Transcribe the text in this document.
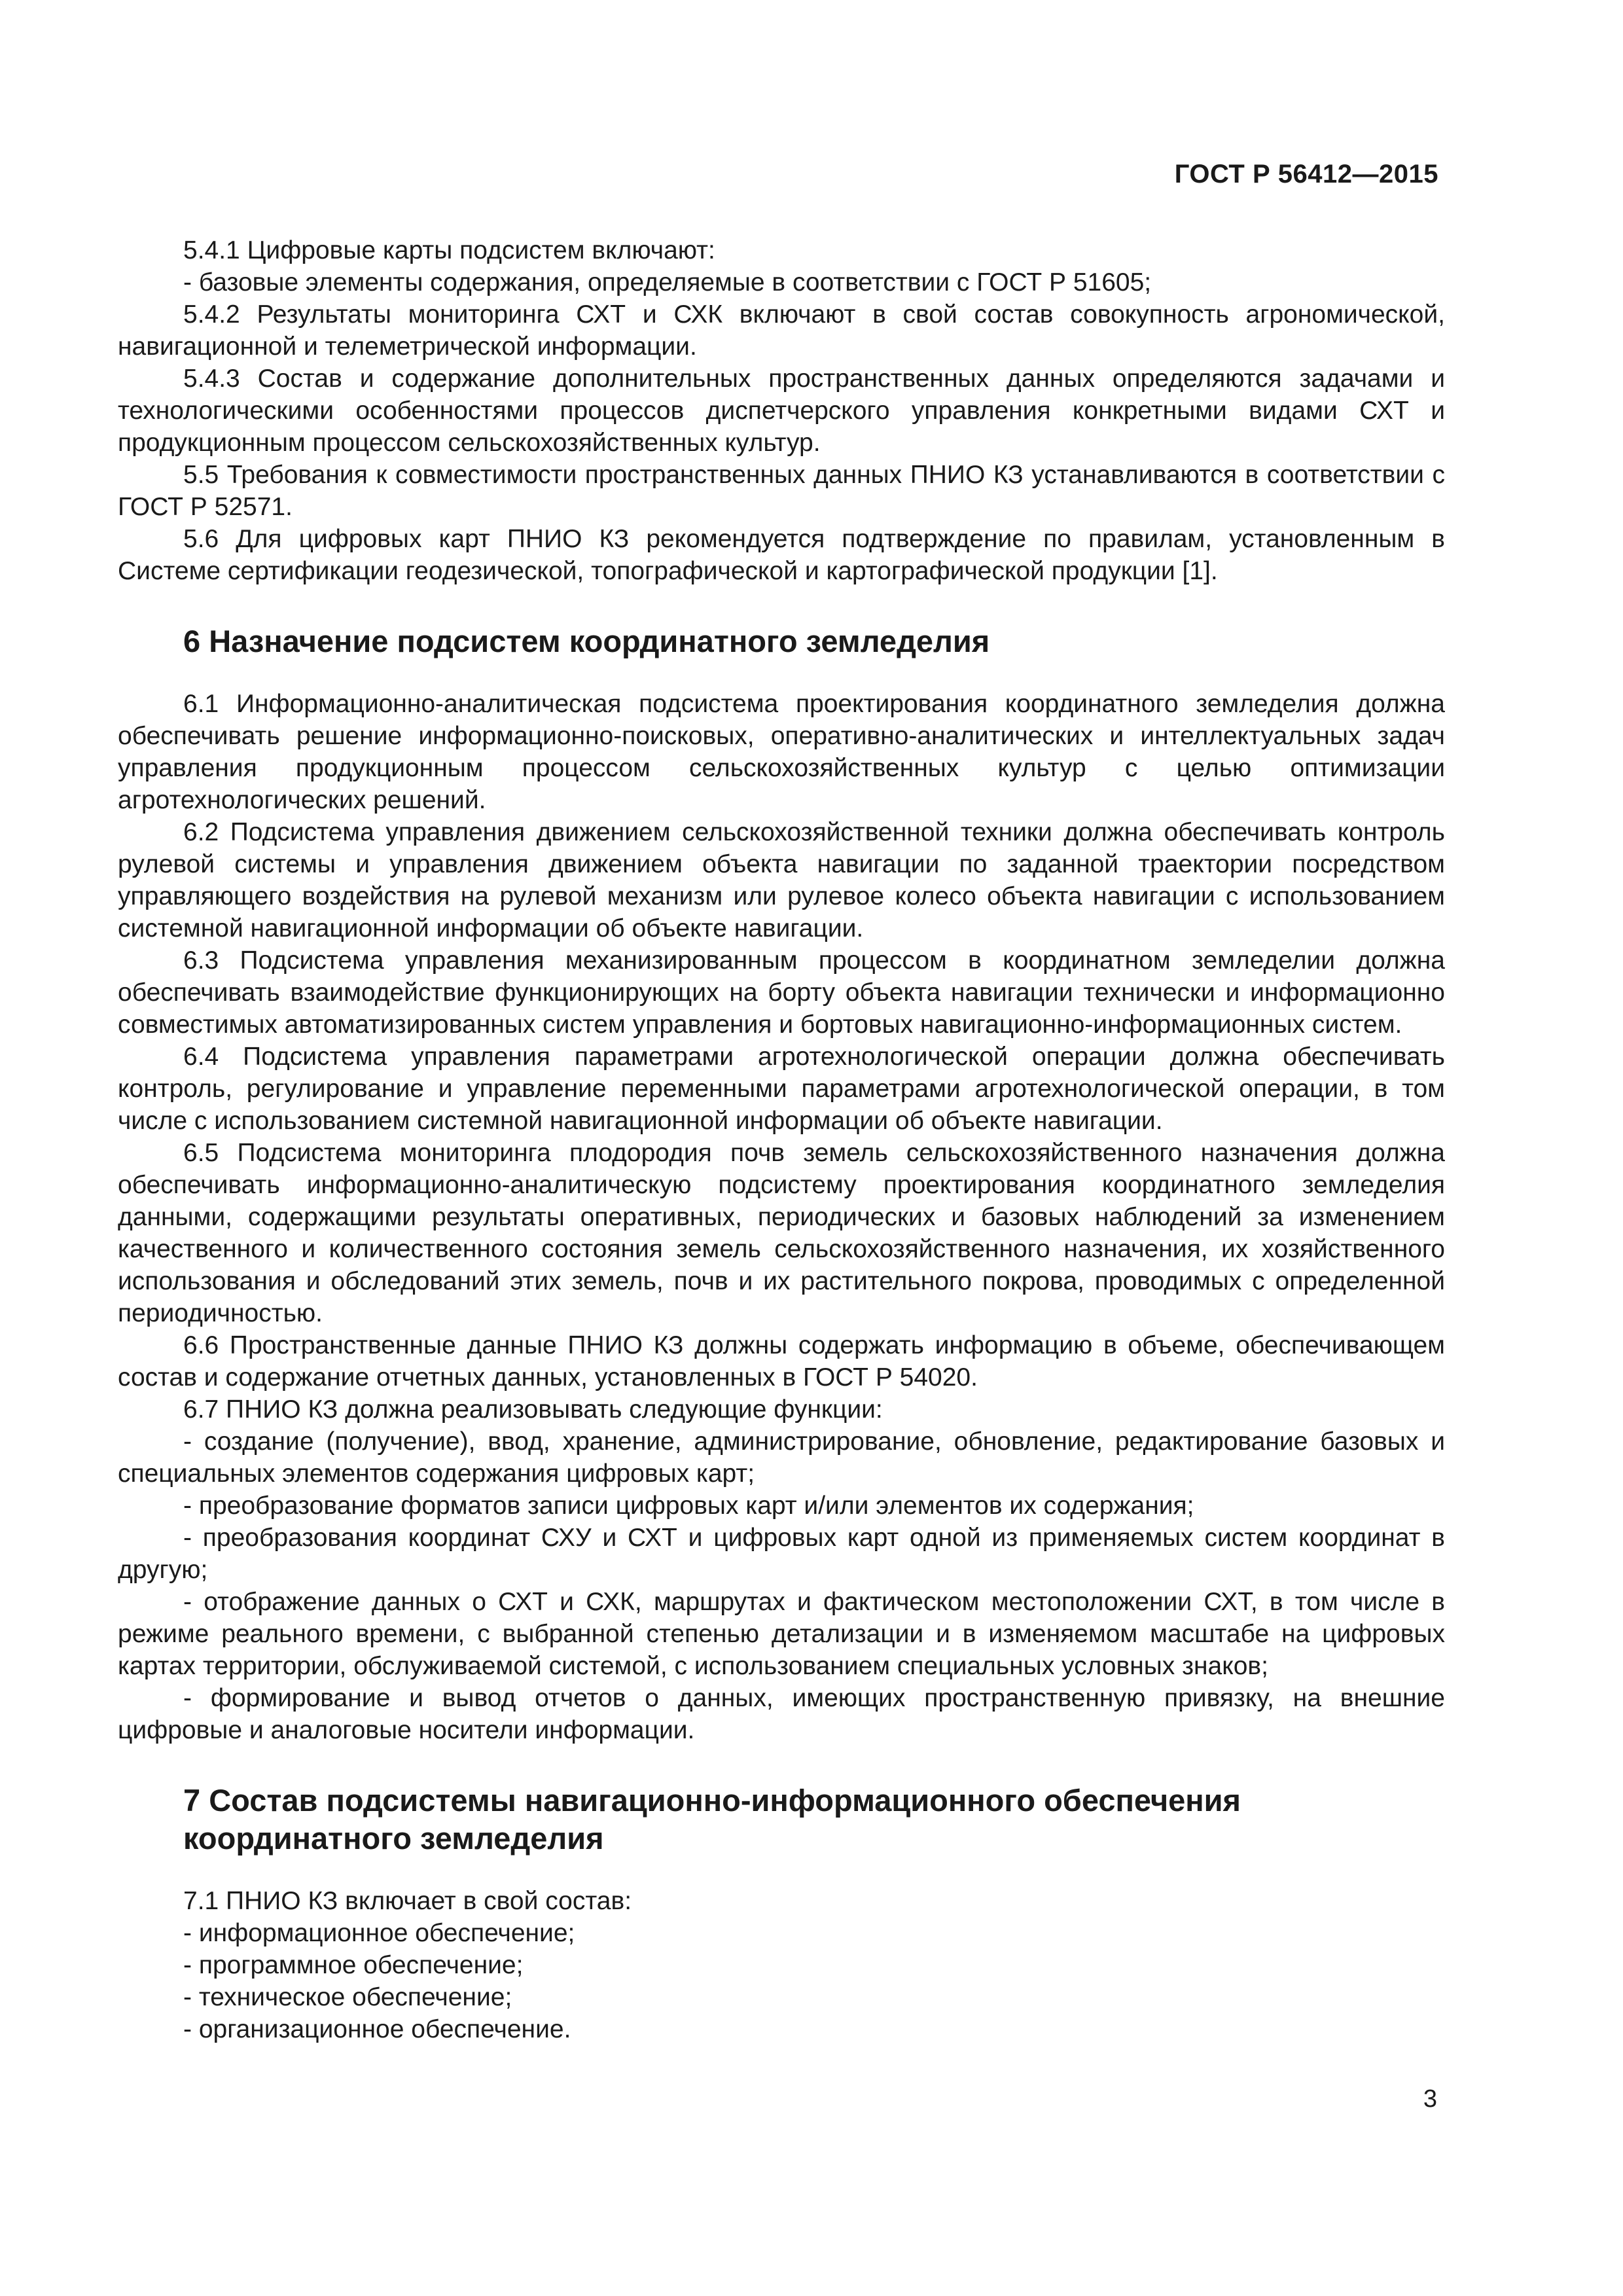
ГОСТ Р 56412—2015

5.4.1 Цифровые карты подсистем включают:

- базовые элементы содержания, определяемые в соответствии с ГОСТ Р 51605;

5.4.2 Результаты мониторинга СХТ и СХК включают в свой состав совокупность агрономической, навигационной и телеметрической информации.

5.4.3 Состав и содержание дополнительных пространственных данных определяются задачами и технологическими особенностями процессов диспетчерского управления конкретными видами СХТ и продукционным процессом сельскохозяйственных культур.

5.5 Требования к совместимости пространственных данных ПНИО КЗ устанавливаются в соответствии с ГОСТ Р 52571.

5.6 Для цифровых карт ПНИО КЗ рекомендуется подтверждение по правилам, установленным в Системе сертификации геодезической, топографической и картографической продукции [1].

6 Назначение подсистем координатного земледелия

6.1 Информационно-аналитическая подсистема проектирования координатного земледелия должна обеспечивать решение информационно-поисковых, оперативно-аналитических и интеллектуальных задач управления продукционным процессом сельскохозяйственных культур с целью оптимизации агротехнологических решений.

6.2 Подсистема управления движением сельскохозяйственной техники должна обеспечивать контроль рулевой системы и управления движением объекта навигации по заданной траектории посредством управляющего воздействия на рулевой механизм или рулевое колесо объекта навигации с использованием системной навигационной информации об объекте навигации.

6.3 Подсистема управления механизированным процессом в координатном земледелии должна обеспечивать взаимодействие функционирующих на борту объекта навигации технически и информационно совместимых автоматизированных систем управления и бортовых навигационно-информационных систем.

6.4 Подсистема управления параметрами агротехнологической операции должна обеспечивать контроль, регулирование и управление переменными параметрами агротехнологической операции, в том числе с использованием системной навигационной информации об объекте навигации.

6.5 Подсистема мониторинга плодородия почв земель сельскохозяйственного назначения должна обеспечивать информационно-аналитическую подсистему проектирования координатного земледелия данными, содержащими результаты оперативных, периодических и базовых наблюдений за изменением качественного и количественного состояния земель сельскохозяйственного назначения, их хозяйственного использования и обследований этих земель, почв и их растительного покрова, проводимых с определенной периодичностью.

6.6 Пространственные данные ПНИО КЗ должны содержать информацию в объеме, обеспечивающем состав и содержание отчетных данных, установленных в ГОСТ Р 54020.

6.7 ПНИО КЗ должна реализовывать следующие функции:

- создание (получение), ввод, хранение, администрирование, обновление, редактирование базовых и специальных элементов содержания цифровых карт;

- преобразование форматов записи цифровых карт и/или элементов их содержания;

- преобразования координат СХУ и СХТ и цифровых карт одной из применяемых систем координат в другую;

- отображение данных о СХТ и СХК, маршрутах и фактическом местоположении СХТ, в том числе в режиме реального времени, с выбранной степенью детализации и в изменяемом масштабе на цифровых картах территории, обслуживаемой системой, с использованием специальных условных знаков;

- формирование и вывод отчетов о данных, имеющих пространственную привязку, на внешние цифровые и аналоговые носители информации.

7 Состав подсистемы навигационно-информационного обеспечения
координатного земледелия

7.1 ПНИО КЗ включает в свой состав:

- информационное обеспечение;

- программное обеспечение;

- техническое обеспечение;

- организационное обеспечение.

3
